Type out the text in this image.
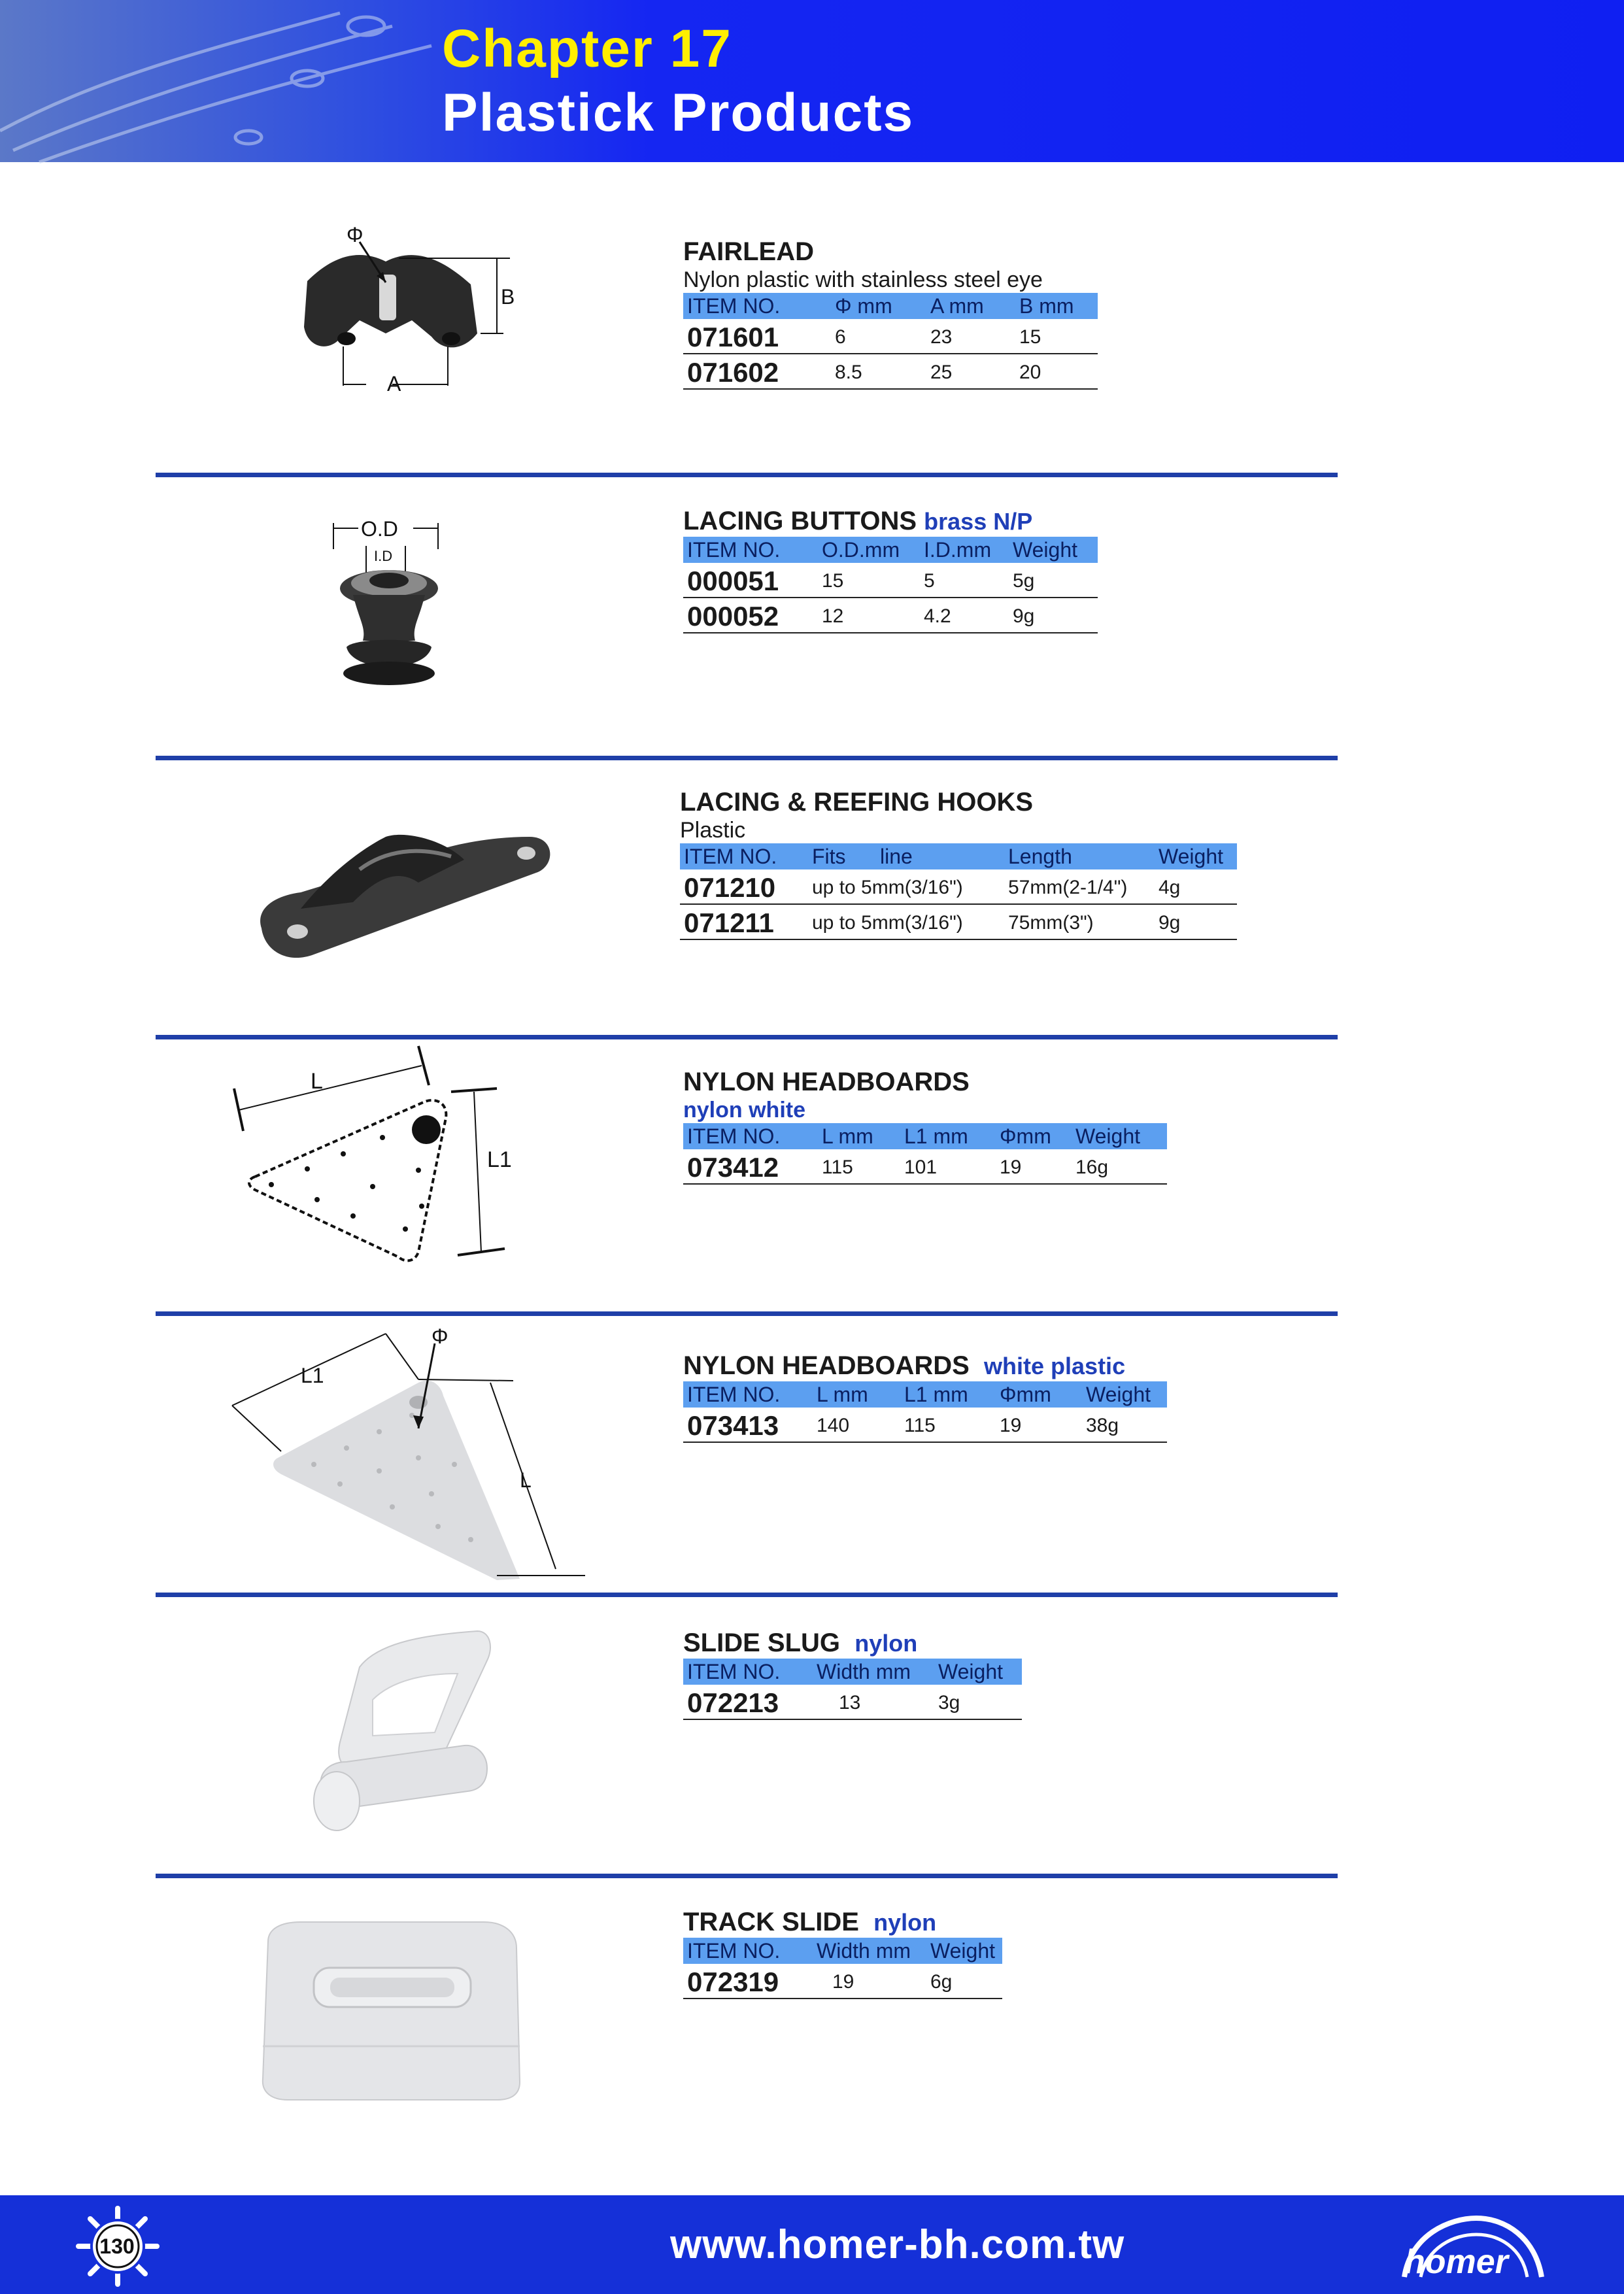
Chapter 17
Plastick Products
Φ
B
A
FAIRLEAD
Nylon plastic with stainless steel eye
ITEM NO.	Φ mm	A mm	B mm
071601	6	23	15
071602	8.5	25	20
O.D
I.D
LACING BUTTONS brass N/P
ITEM NO.	O.D.mm	I.D.mm	Weight
000051	15	5	5g
000052	12	4.2	9g
LACING & REEFING HOOKS
Plastic
ITEM NO.	Fits	line	Length	Weight
071210	up to 5mm(3/16")		57mm(2-1/4")	4g
071211	up to 5mm(3/16")		75mm(3")	9g
L
L1
NYLON HEADBOARDS
nylon white
ITEM NO.	L mm	L1 mm	Φmm	Weight
073412	115	101	19	16g
L1
Φ
L
NYLON HEADBOARDS white plastic
ITEM NO.	L mm	L1 mm	Φmm	Weight
073413	140	115	19	38g
SLIDE SLUG nylon
ITEM NO.	Width mm	Weight
072213	13	3g
TRACK SLIDE nylon
ITEM NO.	Width mm	Weight
072319	19	6g
130	www.homer-bh.com.tw	homer
